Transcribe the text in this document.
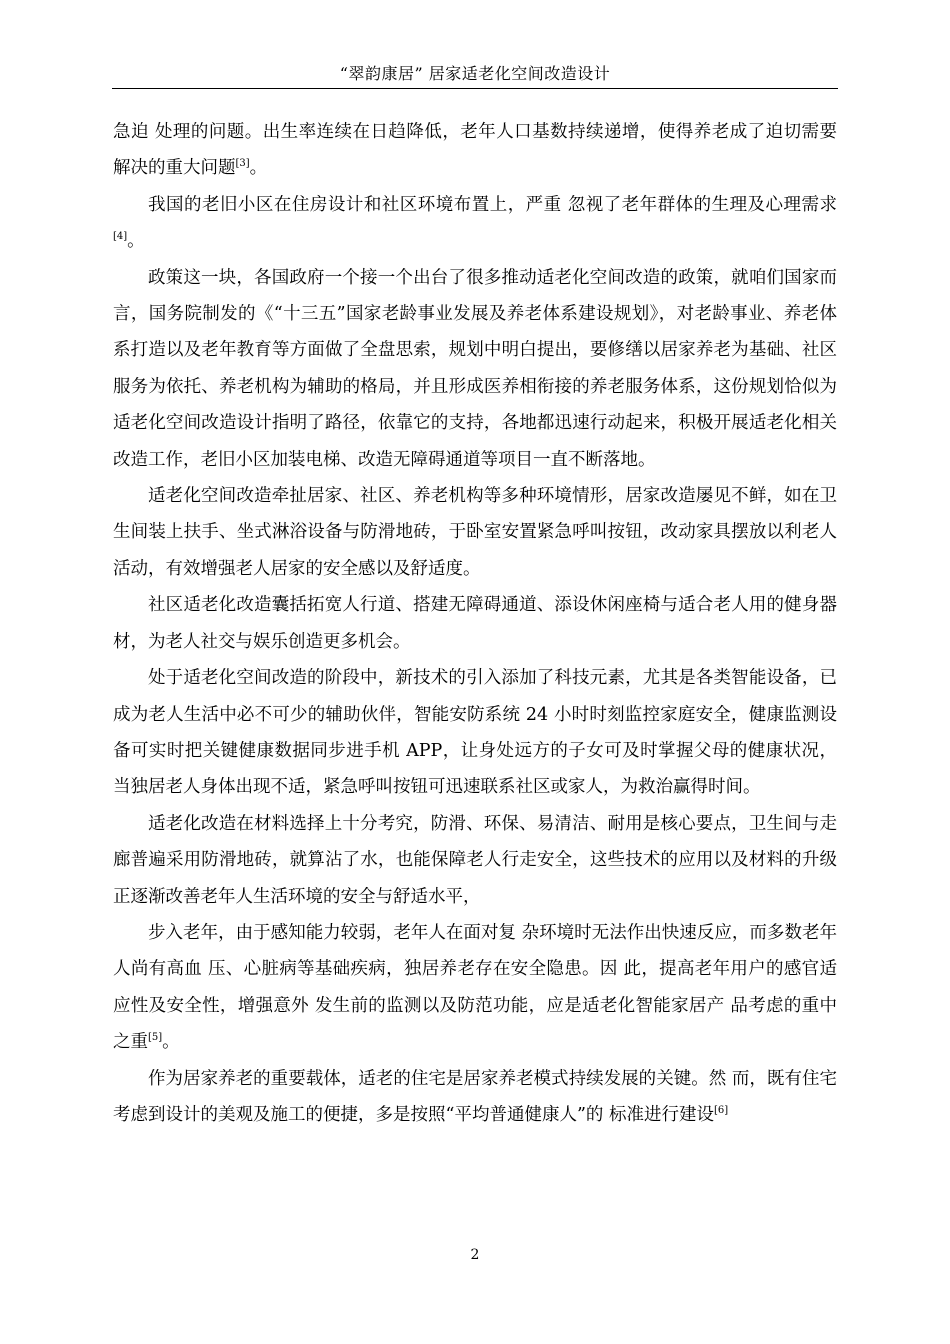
“翠韵康居” 居家适老化空间改造设计

急迫 处理的问题。出生率连续在日趋降低，老年人口基数持续递增，使得养老成了迫切需要 解决的重大问题[3]。

我国的老旧小区在住房设计和社区环境布置上，严重 忽视了老年群体的生理及心理需求[4]。

政策这一块，各国政府一个接一个出台了很多推动适老化空间改造的政策，就咱们国家而言，国务院制发的《“十三五”国家老龄事业发展及养老体系建设规划》，对老龄事业、养老体系打造以及老年教育等方面做了全盘思索，规划中明白提出，要修缮以居家养老为基础、社区服务为依托、养老机构为辅助的格局，并且形成医养相衔接的养老服务体系，这份规划恰似为适老化空间改造设计指明了路径，依靠它的支持，各地都迅速行动起来，积极开展适老化相关改造工作，老旧小区加装电梯、改造无障碍通道等项目一直不断落地。

适老化空间改造牵扯居家、社区、养老机构等多种环境情形，居家改造屡见不鲜，如在卫生间装上扶手、坐式淋浴设备与防滑地砖，于卧室安置紧急呼叫按钮，改动家具摆放以利老人活动，有效增强老人居家的安全感以及舒适度。

社区适老化改造囊括拓宽人行道、搭建无障碍通道、添设休闲座椅与适合老人用的健身器材，为老人社交与娱乐创造更多机会。

处于适老化空间改造的阶段中，新技术的引入添加了科技元素，尤其是各类智能设备，已成为老人生活中必不可少的辅助伙伴，智能安防系统 24 小时时刻监控家庭安全，健康监测设备可实时把关键健康数据同步进手机 APP，让身处远方的子女可及时掌握父母的健康状况，当独居老人身体出现不适，紧急呼叫按钮可迅速联系社区或家人，为救治赢得时间。

适老化改造在材料选择上十分考究，防滑、环保、易清洁、耐用是核心要点，卫生间与走廊普遍采用防滑地砖，就算沾了水，也能保障老人行走安全，这些技术的应用以及材料的升级正逐渐改善老年人生活环境的安全与舒适水平，

步入老年，由于感知能力较弱，老年人在面对复 杂环境时无法作出快速反应，而多数老年人尚有高血 压、心脏病等基础疾病，独居养老存在安全隐患。因 此，提高老年用户的感官适应性及安全性，增强意外 发生前的监测以及防范功能，应是适老化智能家居产 品考虑的重中之重[5]。

作为居家养老的重要载体，适老的住宅是居家养老模式持续发展的关键。然 而，既有住宅考虑到设计的美观及施工的便捷，多是按照“平均普通健康人”的 标准进行建设[6]

2
